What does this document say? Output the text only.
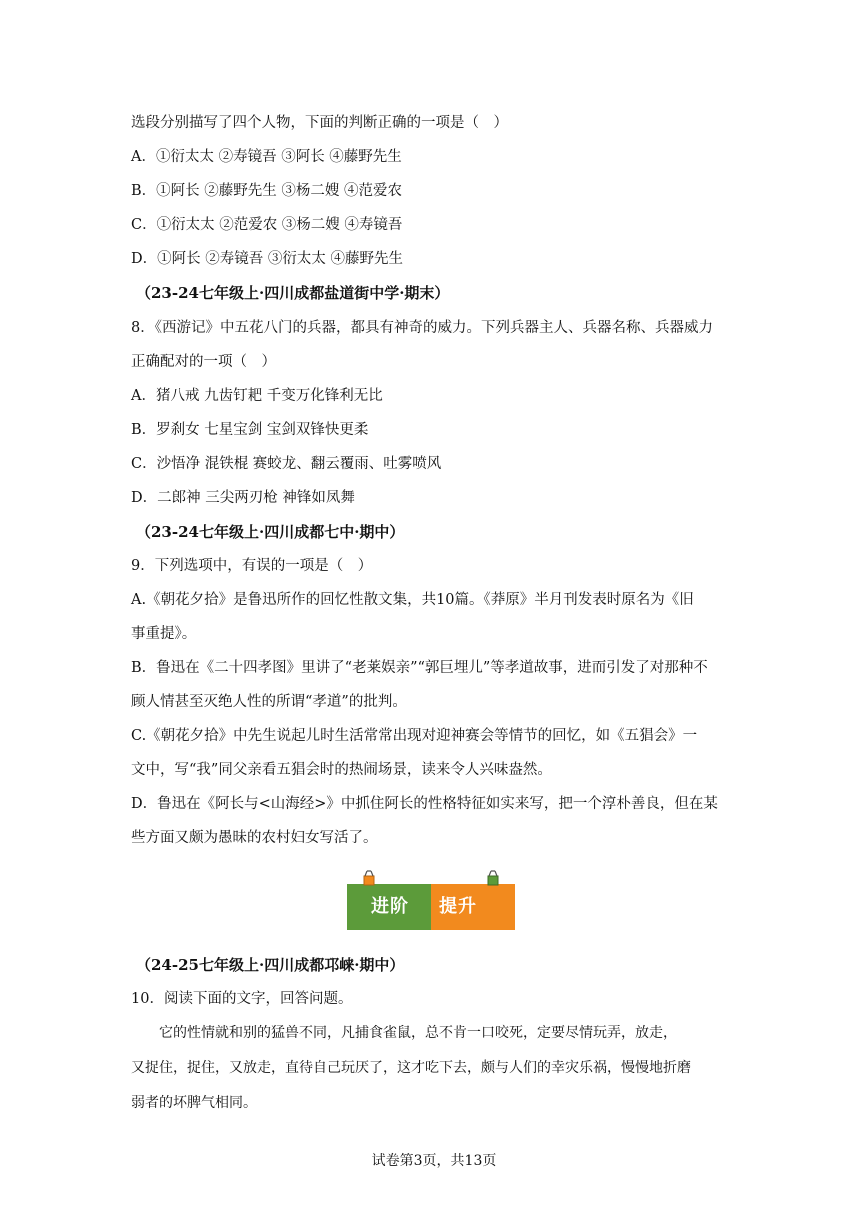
选段分别描写了四个人物，下面的判断正确的一项是（　）
A．①衍太太 ②寿镜吾 ③阿长 ④藤野先生
B．①阿长 ②藤野先生 ③杨二嫂 ④范爱农
C．①衍太太 ②范爱农 ③杨二嫂 ④寿镜吾
D．①阿长 ②寿镜吾 ③衍太太 ④藤野先生
（23-24七年级上·四川成都盐道街中学·期末）
8．《西游记》中五花八门的兵器，都具有神奇的威力。下列兵器主人、兵器名称、兵器威力
正确配对的一项（　）
A．猪八戒 九齿钉耙 千变万化锋利无比
B．罗刹女 七星宝剑 宝剑双锋快更柔
C．沙悟净 混铁棍 赛蛟龙、翻云覆雨、吐雾喷风
D．二郎神 三尖两刃枪 神锋如凤舞
（23-24七年级上·四川成都七中·期中）
9．下列选项中，有误的一项是（　）
A.《朝花夕拾》是鲁迅所作的回忆性散文集，共10篇。《莽原》半月刊发表时原名为《旧
事重提》。
B．鲁迅在《二十四孝图》里讲了“老莱娱亲”“郭巨埋儿”等孝道故事，进而引发了对那种不
顾人情甚至灭绝人性的所谓“孝道”的批判。
C.《朝花夕拾》中先生说起儿时生活常常出现对迎神赛会等情节的回忆，如《五猖会》一
文中，写“我”同父亲看五猖会时的热闹场景，读来令人兴味盎然。
D．鲁迅在《阿长与<山海经>》中抓住阿长的性格特征如实来写，把一个淳朴善良，但在某
些方面又颇为愚昧的农村妇女写活了。
进阶 提升
（24-25七年级上·四川成都邛崃·期中）
10．阅读下面的文字，回答问题。
　　它的性情就和别的猛兽不同，凡捕食雀鼠，总不肯一口咬死，定要尽情玩弄，放走，
又捉住，捉住，又放走，直待自己玩厌了，这才吃下去，颇与人们的幸灾乐祸，慢慢地折磨
弱者的坏脾气相同。
试卷第3页，共13页
